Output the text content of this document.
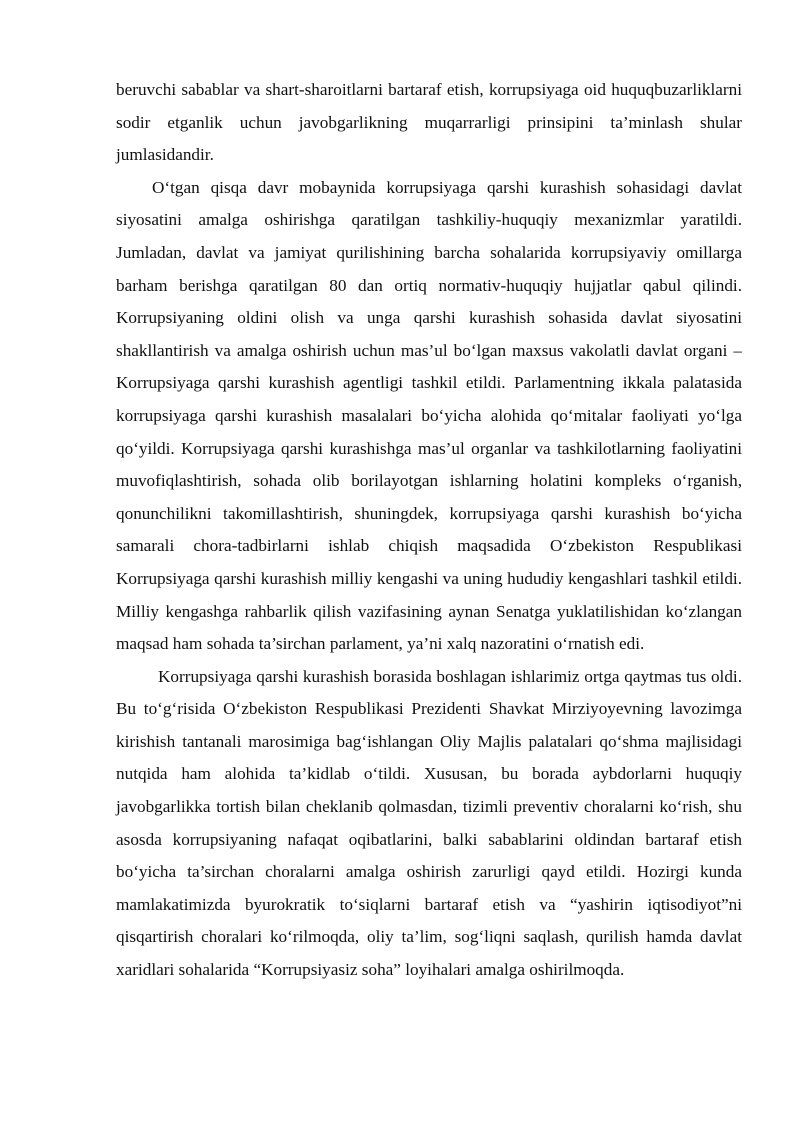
beruvchi sabablar va shart-sharoitlarni bartaraf etish, korrupsiyaga oid huquqbuzarliklarni sodir etganlik uchun javobgarlikning muqarrarligi prinsipini ta’minlash shular jumlasidandir.

O‘tgan qisqa davr mobaynida korrupsiyaga qarshi kurashish sohasidagi davlat siyosatini amalga oshirishga qaratilgan tashkiliy-huquqiy mexanizmlar yaratildi. Jumladan, davlat va jamiyat qurilishining barcha sohalarida korrupsiyaviy omillarga barham berishga qaratilgan 80 dan ortiq normativ-huquqiy hujjatlar qabul qilindi. Korrupsiyaning oldini olish va unga qarshi kurashish sohasida davlat siyosatini shakllantirish va amalga oshirish uchun mas’ul bo‘lgan maxsus vakolatli davlat organi – Korrupsiyaga qarshi kurashish agentligi tashkil etildi. Parlamentning ikkala palatasida korrupsiyaga qarshi kurashish masalalari bo‘yicha alohida qo‘mitalar faoliyati yo‘lga qo‘yildi. Korrupsiyaga qarshi kurashishga mas’ul organlar va tashkilotlarning faoliyatini muvofiqlashtirish, sohada olib borilayotgan ishlarning holatini kompleks o‘rganish, qonunchilikni takomillashtirish, shuningdek, korrupsiyaga qarshi kurashish bo‘yicha samarali chora-tadbirlarni ishlab chiqish maqsadida O‘zbekiston Respublikasi Korrupsiyaga qarshi kurashish milliy kengashi va uning hududiy kengashlari tashkil etildi. Milliy kengashga rahbarlik qilish vazifasining aynan Senatga yuklatilishidan ko‘zlangan maqsad ham sohada ta’sirchan parlament, ya’ni xalq nazoratini o‘rnatish edi.

Korrupsiyaga qarshi kurashish borasida boshlagan ishlarimiz ortga qaytmas tus oldi. Bu to‘g‘risida O‘zbekiston Respublikasi Prezidenti Shavkat Mirziyoyevning lavozimga kirishish tantanali marosimiga bag‘ishlangan Oliy Majlis palatalari qo‘shma majlisidagi nutqida ham alohida ta’kidlab o‘tildi. Xususan, bu borada aybdorlarni huquqiy javobgarlikka tortish bilan cheklanib qolmasdan, tizimli preventiv choralarni ko‘rish, shu asosda korrupsiyaning nafaqat oqibatlarini, balki sabablarini oldindan bartaraf etish bo‘yicha ta’sirchan choralarni amalga oshirish zarurligi qayd etildi. Hozirgi kunda mamlakatimizda byurokratik to‘siqlarni bartaraf etish va “yashirin iqtisodiyot”ni qisqartirish choralari ko‘rilmoqda, oliy ta’lim, sog‘liqni saqlash, qurilish hamda davlat xaridlari sohalarida “Korrupsiyasiz soha” loyihalari amalga oshirilmoqda.
